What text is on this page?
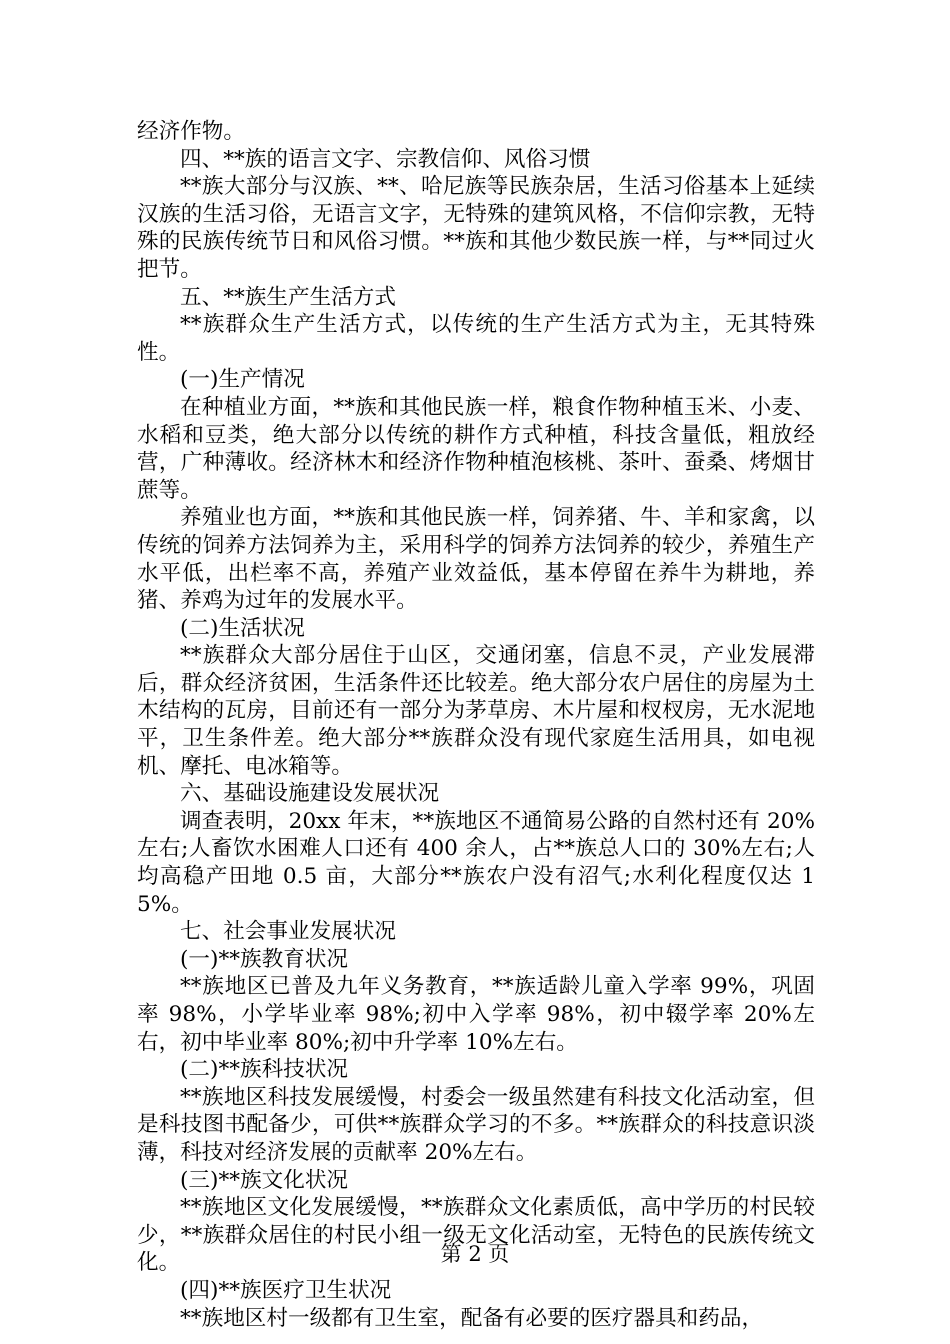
经济作物。

四、**族的语言文字、宗教信仰、风俗习惯

**族大部分与汉族、**、哈尼族等民族杂居，生活习俗基本上延续汉族的生活习俗，无语言文字，无特殊的建筑风格，不信仰宗教，无特殊的民族传统节日和风俗习惯。**族和其他少数民族一样，与**同过火把节。

五、**族生产生活方式

**族群众生产生活方式，以传统的生产生活方式为主，无其特殊性。

(一)生产情况

在种植业方面，**族和其他民族一样，粮食作物种植玉米、小麦、水稻和豆类，绝大部分以传统的耕作方式种植，科技含量低，粗放经营，广种薄收。经济林木和经济作物种植泡核桃、茶叶、蚕桑、烤烟甘蔗等。

养殖业也方面，**族和其他民族一样，饲养猪、牛、羊和家禽，以传统的饲养方法饲养为主，采用科学的饲养方法饲养的较少，养殖生产水平低，出栏率不高，养殖产业效益低，基本停留在养牛为耕地，养猪、养鸡为过年的发展水平。

(二)生活状况

**族群众大部分居住于山区，交通闭塞，信息不灵，产业发展滞后，群众经济贫困，生活条件还比较差。绝大部分农户居住的房屋为土木结构的瓦房，目前还有一部分为茅草房、木片屋和杈杈房，无水泥地平，卫生条件差。绝大部分**族群众没有现代家庭生活用具，如电视机、摩托、电冰箱等。

六、基础设施建设发展状况

调查表明，20xx 年末，**族地区不通简易公路的自然村还有 20%左右;人畜饮水困难人口还有 400 余人，占**族总人口的 30%左右;人均高稳产田地 0.5 亩，大部分**族农户没有沼气;水利化程度仅达 15%。

七、社会事业发展状况

(一)**族教育状况

**族地区已普及九年义务教育，**族适龄儿童入学率 99%，巩固率 98%，小学毕业率 98%;初中入学率 98%，初中辍学率 20%左右，初中毕业率 80%;初中升学率 10%左右。

(二)**族科技状况

**族地区科技发展缓慢，村委会一级虽然建有科技文化活动室，但是科技图书配备少，可供**族群众学习的不多。**族群众的科技意识淡薄，科技对经济发展的贡献率 20%左右。

(三)**族文化状况

**族地区文化发展缓慢，**族群众文化素质低，高中学历的村民较少，**族群众居住的村民小组一级无文化活动室，无特色的民族传统文化。

(四)**族医疗卫生状况

**族地区村一级都有卫生室，配备有必要的医疗器具和药品，

第 2 页
